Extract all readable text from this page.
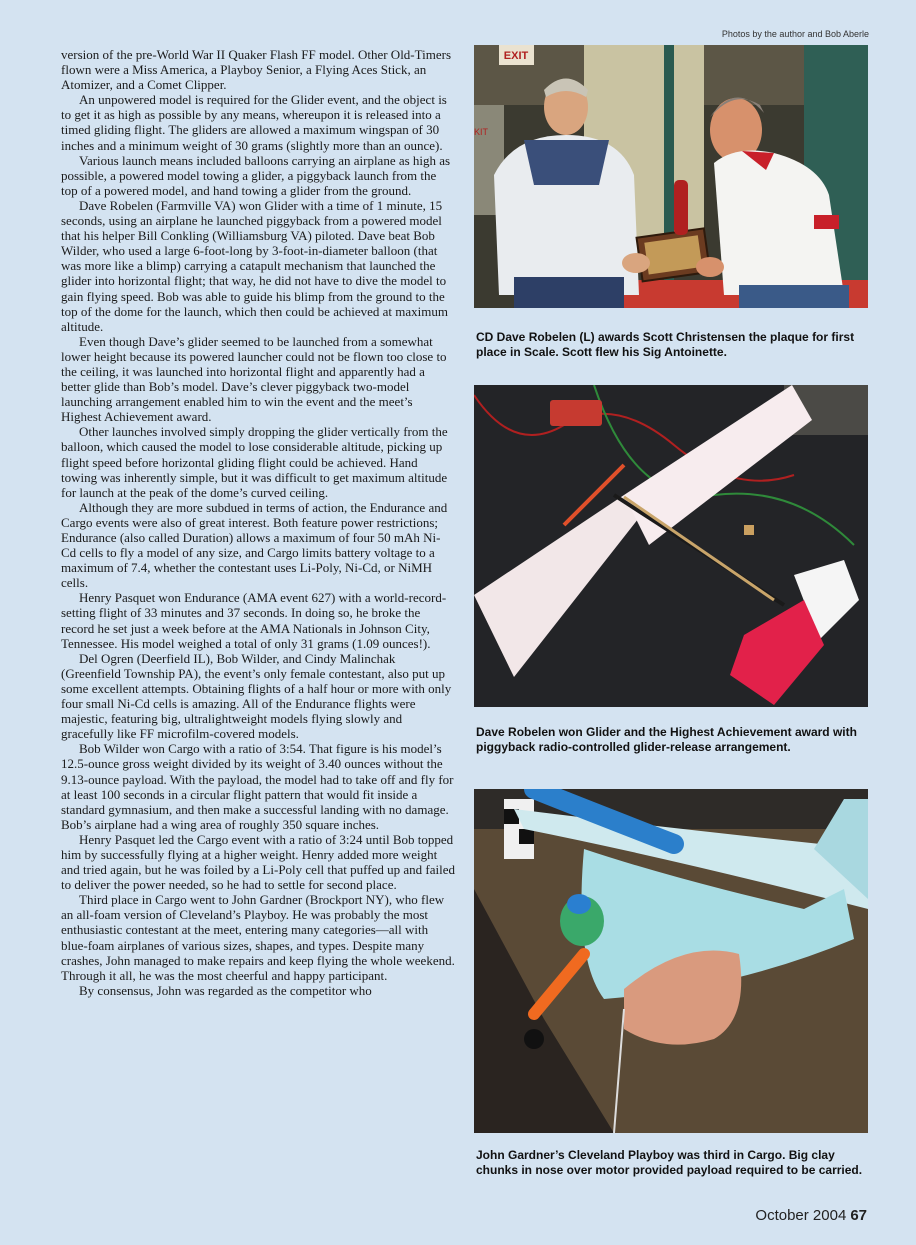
Photos by the author and Bob Aberle

version of the pre-World War II Quaker Flash FF model. Other Old-Timers flown were a Miss America, a Playboy Senior, a Flying Aces Stick, an Atomizer, and a Comet Clipper.

An unpowered model is required for the Glider event, and the object is to get it as high as possible by any means, whereupon it is released into a timed gliding flight. The gliders are allowed a maximum wingspan of 30 inches and a minimum weight of 30 grams (slightly more than an ounce).

Various launch means included balloons carrying an airplane as high as possible, a powered model towing a glider, a piggyback launch from the top of a powered model, and hand towing a glider from the ground.

Dave Robelen (Farmville VA) won Glider with a time of 1 minute, 15 seconds, using an airplane he launched piggyback from a powered model that his helper Bill Conkling (Williamsburg VA) piloted. Dave beat Bob Wilder, who used a large 6-foot-long by 3-foot-in-diameter balloon (that was more like a blimp) carrying a catapult mechanism that launched the glider into horizontal flight; that way, he did not have to dive the model to gain flying speed. Bob was able to guide his blimp from the ground to the top of the dome for the launch, which then could be achieved at maximum altitude.

Even though Dave’s glider seemed to be launched from a somewhat lower height because its powered launcher could not be flown too close to the ceiling, it was launched into horizontal flight and apparently had a better glide than Bob’s model. Dave’s clever piggyback two-model launching arrangement enabled him to win the event and the meet’s Highest Achievement award.

Other launches involved simply dropping the glider vertically from the balloon, which caused the model to lose considerable altitude, picking up flight speed before horizontal gliding flight could be achieved. Hand towing was inherently simple, but it was difficult to get maximum altitude for launch at the peak of the dome’s curved ceiling.

Although they are more subdued in terms of action, the Endurance and Cargo events were also of great interest. Both feature power restrictions; Endurance (also called Duration) allows a maximum of four 50 mAh Ni-Cd cells to fly a model of any size, and Cargo limits battery voltage to a maximum of 7.4, whether the contestant uses Li-Poly, Ni-Cd, or NiMH cells.

Henry Pasquet won Endurance (AMA event 627) with a world-record-setting flight of 33 minutes and 37 seconds. In doing so, he broke the record he set just a week before at the AMA Nationals in Johnson City, Tennessee. His model weighed a total of only 31 grams (1.09 ounces!).

Del Ogren (Deerfield IL), Bob Wilder, and Cindy Malinchak (Greenfield Township PA), the event’s only female contestant, also put up some excellent attempts. Obtaining flights of a half hour or more with only four small Ni-Cd cells is amazing. All of the Endurance flights were majestic, featuring big, ultralightweight models flying slowly and gracefully like FF microfilm-covered models.

Bob Wilder won Cargo with a ratio of 3:54. That figure is his model’s 12.5-ounce gross weight divided by its weight of 3.40 ounces without the 9.13-ounce payload. With the payload, the model had to take off and fly for at least 100 seconds in a circular flight pattern that would fit inside a standard gymnasium, and then make a successful landing with no damage. Bob’s airplane had a wing area of roughly 350 square inches.

Henry Pasquet led the Cargo event with a ratio of 3:24 until Bob topped him by successfully flying at a higher weight. Henry added more weight and tried again, but he was foiled by a Li-Poly cell that puffed up and failed to deliver the power needed, so he had to settle for second place.

Third place in Cargo went to John Gardner (Brockport NY), who flew an all-foam version of Cleveland’s Playboy. He was probably the most enthusiastic contestant at the meet, entering many categories—all with blue-foam airplanes of various sizes, shapes, and types. Despite many crashes, John managed to make repairs and keep flying the whole weekend. Through it all, he was the most cheerful and happy participant.

By consensus, John was regarded as the competitor who

EXIT
KIT
CD Dave Robelen (L) awards Scott Christensen the plaque for first place in Scale. Scott flew his Sig Antoinette.
Dave Robelen won Glider and the Highest Achievement award with piggyback radio-controlled glider-release arrangement.
John Gardner’s Cleveland Playboy was third in Cargo. Big clay chunks in nose over motor provided payload required to be carried.
October 2004 67
